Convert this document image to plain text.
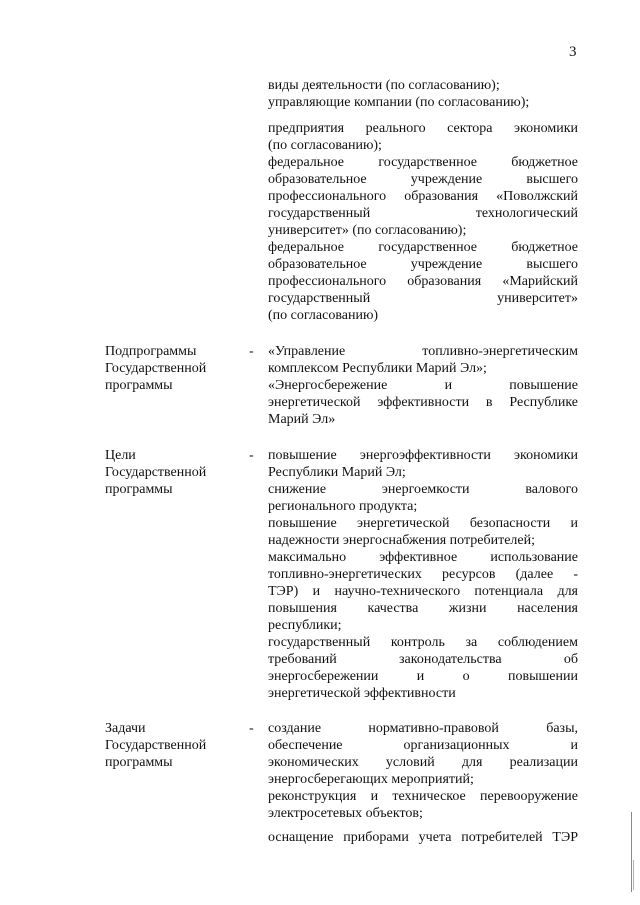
3
виды деятельности (по согласованию);
управляющие компании (по согласованию);
предприятия реального сектора экономики
(по согласованию);
федеральное государственное бюджетное
образовательное учреждение высшего
профессионального образования «Поволжский
государственный технологический
университет» (по согласованию);
федеральное государственное бюджетное
образовательное учреждение высшего
профессионального образования «Марийский
государственный университет»
(по согласованию)
Подпрограммы
Государственной
программы
- «Управление топливно-энергетическим
комплексом Республики Марий Эл»;
«Энергосбережение и повышение
энергетической эффективности в Республике
Марий Эл»
Цели
Государственной
программы
- повышение энергоэффективности экономики
Республики Марий Эл;
снижение энергоемкости валового
регионального продукта;
повышение энергетической безопасности и
надежности энергоснабжения потребителей;
максимально эффективное использование
топливно-энергетических ресурсов (далее -
ТЭР) и научно-технического потенциала для
повышения качества жизни населения
республики;
государственный контроль за соблюдением
требований законодательства об
энергосбережении и о повышении
энергетической эффективности
Задачи
Государственной
программы
- создание нормативно-правовой базы,
обеспечение организационных и
экономических условий для реализации
энергосберегающих мероприятий;
реконструкция и техническое перевооружение
электросетевых объектов;
оснащение приборами учета потребителей ТЭР
